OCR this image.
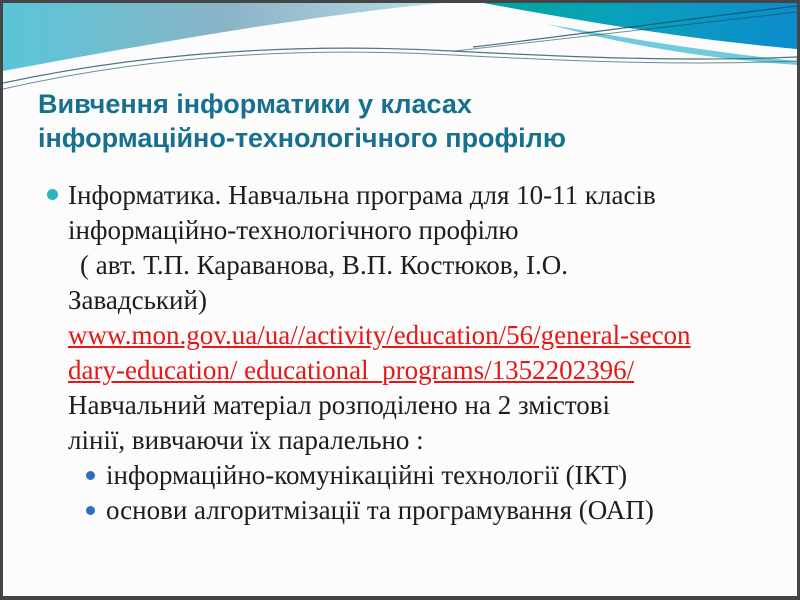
Вивчення інформатики у класах
інформаційно-технологічного профілю
Інформатика. Навчальна програма для 10-11 класів
інформаційно-технологічного профілю
( авт. Т.П. Караванова, В.П. Костюков, І.О.
Завадський)
www.mon.gov.ua/ua//activity/education/56/general-secon
dary-education/ educational_programs/1352202396/
Навчальний матеріал розподілено на 2 змістові
лінії, вивчаючи їх паралельно :
інформаційно-комунікаційні технології (ІКТ)
основи алгоритмізації та програмування (ОАП)
